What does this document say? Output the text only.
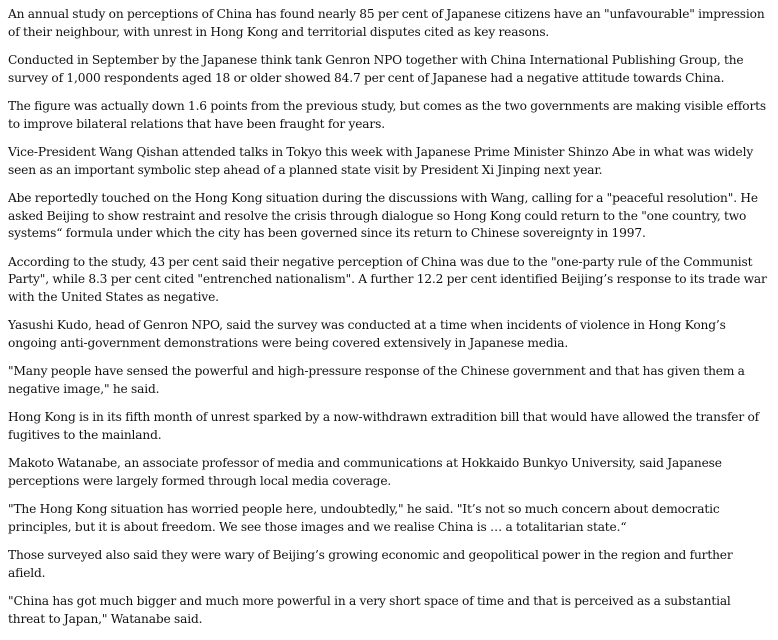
An annual study on perceptions of China has found nearly 85 per cent of Japanese citizens have an "unfavourable" impression of their neighbour, with unrest in Hong Kong and territorial disputes cited as key reasons.

Conducted in September by the Japanese think tank Genron NPO together with China International Publishing Group, the survey of 1,000 respondents aged 18 or older showed 84.7 per cent of Japanese had a negative attitude towards China.

The figure was actually down 1.6 points from the previous study, but comes as the two governments are making visible efforts to improve bilateral relations that have been fraught for years.

Vice-President Wang Qishan attended talks in Tokyo this week with Japanese Prime Minister Shinzo Abe in what was widely seen as an important symbolic step ahead of a planned state visit by President Xi Jinping next year.

Abe reportedly touched on the Hong Kong situation during the discussions with Wang, calling for a "peaceful resolution". He asked Beijing to show restraint and resolve the crisis through dialogue so Hong Kong could return to the "one country, two systems“ formula under which the city has been governed since its return to Chinese sovereignty in 1997.

According to the study, 43 per cent said their negative perception of China was due to the "one-party rule of the Communist Party", while 8.3 per cent cited "entrenched nationalism". A further 12.2 per cent identified Beijing’s response to its trade war with the United States as negative.

Yasushi Kudo, head of Genron NPO, said the survey was conducted at a time when incidents of violence in Hong Kong’s ongoing anti-government demonstrations were being covered extensively in Japanese media.

"Many people have sensed the powerful and high-pressure response of the Chinese government and that has given them a negative image," he said.

Hong Kong is in its fifth month of unrest sparked by a now-withdrawn extradition bill that would have allowed the transfer of fugitives to the mainland.

Makoto Watanabe, an associate professor of media and communications at Hokkaido Bunkyo University, said Japanese perceptions were largely formed through local media coverage.

"The Hong Kong situation has worried people here, undoubtedly," he said. "It’s not so much concern about democratic principles, but it is about freedom. We see those images and we realise China is … a totalitarian state.“

Those surveyed also said they were wary of Beijing’s growing economic and geopolitical power in the region and further afield.

"China has got much bigger and much more powerful in a very short space of time and that is perceived as a substantial threat to Japan," Watanabe said.
